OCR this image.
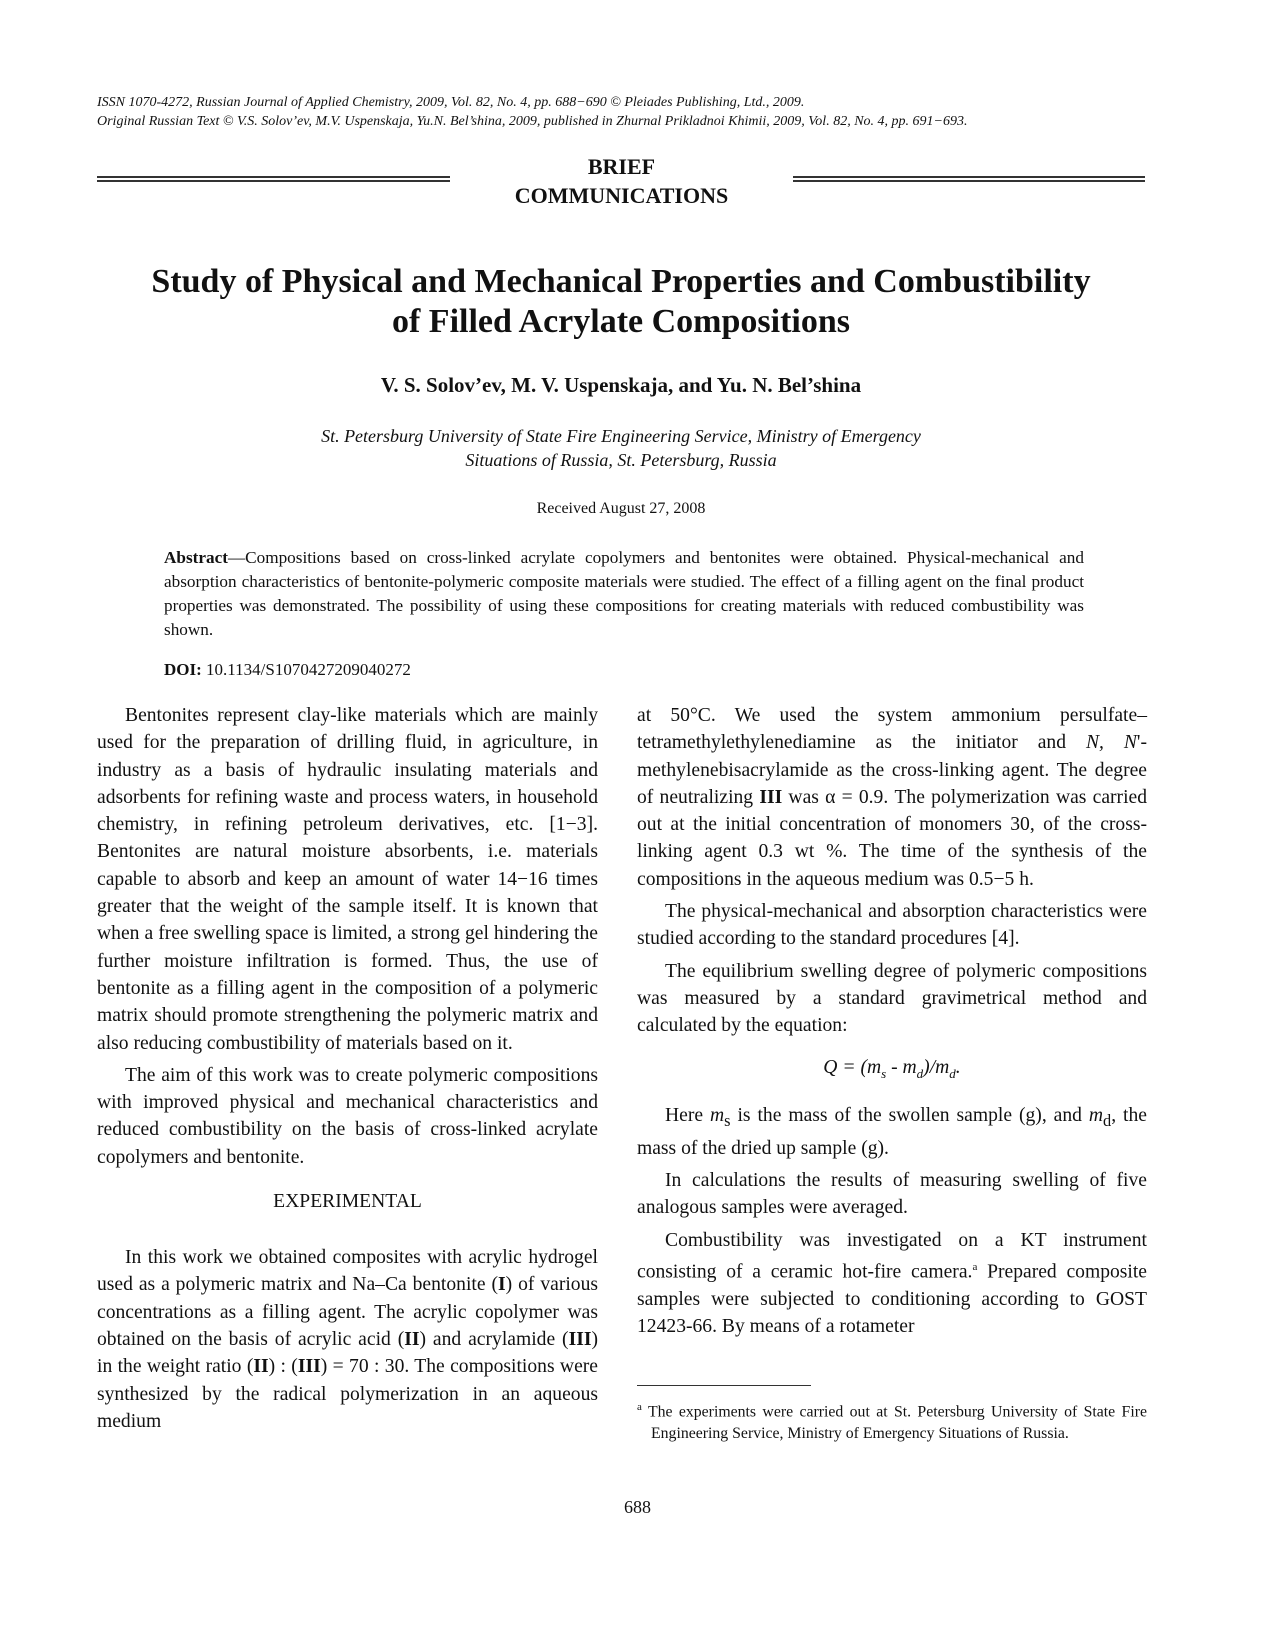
ISSN 1070-4272, Russian Journal of Applied Chemistry, 2009, Vol. 82, No. 4, pp. 688−690 © Pleiades Publishing, Ltd., 2009.
Original Russian Text © V.S. Solov’ev, M.V. Uspenskaja, Yu.N. Bel’shina, 2009, published in Zhurnal Prikladnoi Khimii, 2009, Vol. 82, No. 4, pp. 691−693.
BRIEF
COMMUNICATIONS
Study of Physical and Mechanical Properties and Combustibility
of Filled Acrylate Compositions
V. S. Solov’ev, M. V. Uspenskaja, and Yu. N. Bel’shina
St. Petersburg University of State Fire Engineering Service, Ministry of Emergency
Situations of Russia, St. Petersburg, Russia
Received August 27, 2008

Abstract—Compositions based on cross-linked acrylate copolymers and bentonites were obtained. Physical-mechanical and absorption characteristics of bentonite-polymeric composite materials were studied. The effect of a filling agent on the final product properties was demonstrated. The possibility of using these compositions for creating materials with reduced combustibility was shown.

DOI: 10.1134/S1070427209040272

Bentonites represent clay-like materials which are mainly used for the preparation of drilling fluid, in agriculture, in industry as a basis of hydraulic insulating materials and adsorbents for refining waste and process waters, in household chemistry, in refining petroleum derivatives, etc. [1−3]. Bentonites are natural moisture absorbents, i.e. materials capable to absorb and keep an amount of water 14−16 times greater that the weight of the sample itself. It is known that when a free swelling space is limited, a strong gel hindering the further moisture infiltration is formed. Thus, the use of bentonite as a filling agent in the composition of a polymeric matrix should promote strengthening the polymeric matrix and also reducing combustibility of materials based on it.

The aim of this work was to create polymeric compositions with improved physical and mechanical characteristics and reduced combustibility on the basis of cross-linked acrylate copolymers and bentonite.

EXPERIMENTAL

In this work we obtained composites with acrylic hydrogel used as a polymeric matrix and Na–Ca bentonite (I) of various concentrations as a filling agent. The acrylic copolymer was obtained on the basis of acrylic acid (II) and acrylamide (III) in the weight ratio (II) : (III) = 70 : 30. The compositions were synthesized by the radical polymerization in an aqueous medium

at 50°C. We used the system ammonium persulfate–tetramethylethylenediamine as the initiator and N, N'-methylenebisacrylamide as the cross-linking agent. The degree of neutralizing III was α = 0.9. The polymerization was carried out at the initial concentration of monomers 30, of the cross-linking agent 0.3 wt %. The time of the synthesis of the compositions in the aqueous medium was 0.5−5 h.

The physical-mechanical and absorption characteristics were studied according to the standard procedures [4].

The equilibrium swelling degree of polymeric compositions was measured by a standard gravimetrical method and calculated by the equation:

$Q = (m_s - m_d)/m_d$.

Here $m_s$ is the mass of the swollen sample (g), and $m_d$, the mass of the dried up sample (g).

In calculations the results of measuring swelling of five analogous samples were averaged.

Combustibility was investigated on a KT instrument consisting of a ceramic hot-fire camera.$^a$ Prepared composite samples were subjected to conditioning according to GOST 12423-66. By means of a rotameter

$^a$ The experiments were carried out at St. Petersburg University of State Fire Engineering Service, Ministry of Emergency Situations of Russia.
688
